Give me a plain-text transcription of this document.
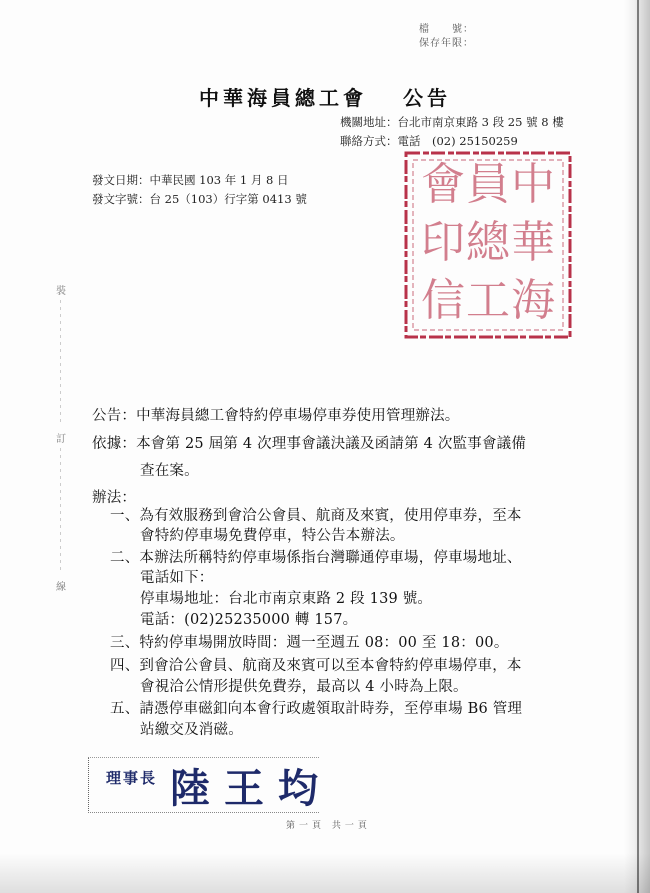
檔　　號：
保存年限：
中華海員總工會 公告
機關地址：台北市南京東路 3 段 25 號 8 樓
聯絡方式：電話　(02) 25150259
發文日期：中華民國 103 年 1 月 8 日
發文字號：台 25（103）行字第 0413 號	中
華
海
員
總
工
會
印
信
裝
訂
線
公告：中華海員總工會特約停車場停車券使用管理辦法。
依據：本會第 25 屆第 4 次理事會議決議及函請第 4 次監事會議備
查在案。
辦法：
一、為有效服務到會洽公會員、航商及來賓，使用停車券，至本
會特約停車場免費停車，特公告本辦法。
二、本辦法所稱特約停車場係指台灣聯通停車場，停車場地址、
電話如下：
停車場地址：台北市南京東路 2 段 139 號。
電話：(02)25235000 轉 157。
三、特約停車場開放時間：週一至週五 08：00 至 18：00。
四、到會洽公會員、航商及來賓可以至本會特約停車場停車，本
會視洽公情形提供免費券，最高以 4 小時為上限。
五、請憑停車磁釦向本會行政處領取計時券，至停車場 B6 管理
站繳交及消磁。
理事長 陸王均
第一頁 共一頁
